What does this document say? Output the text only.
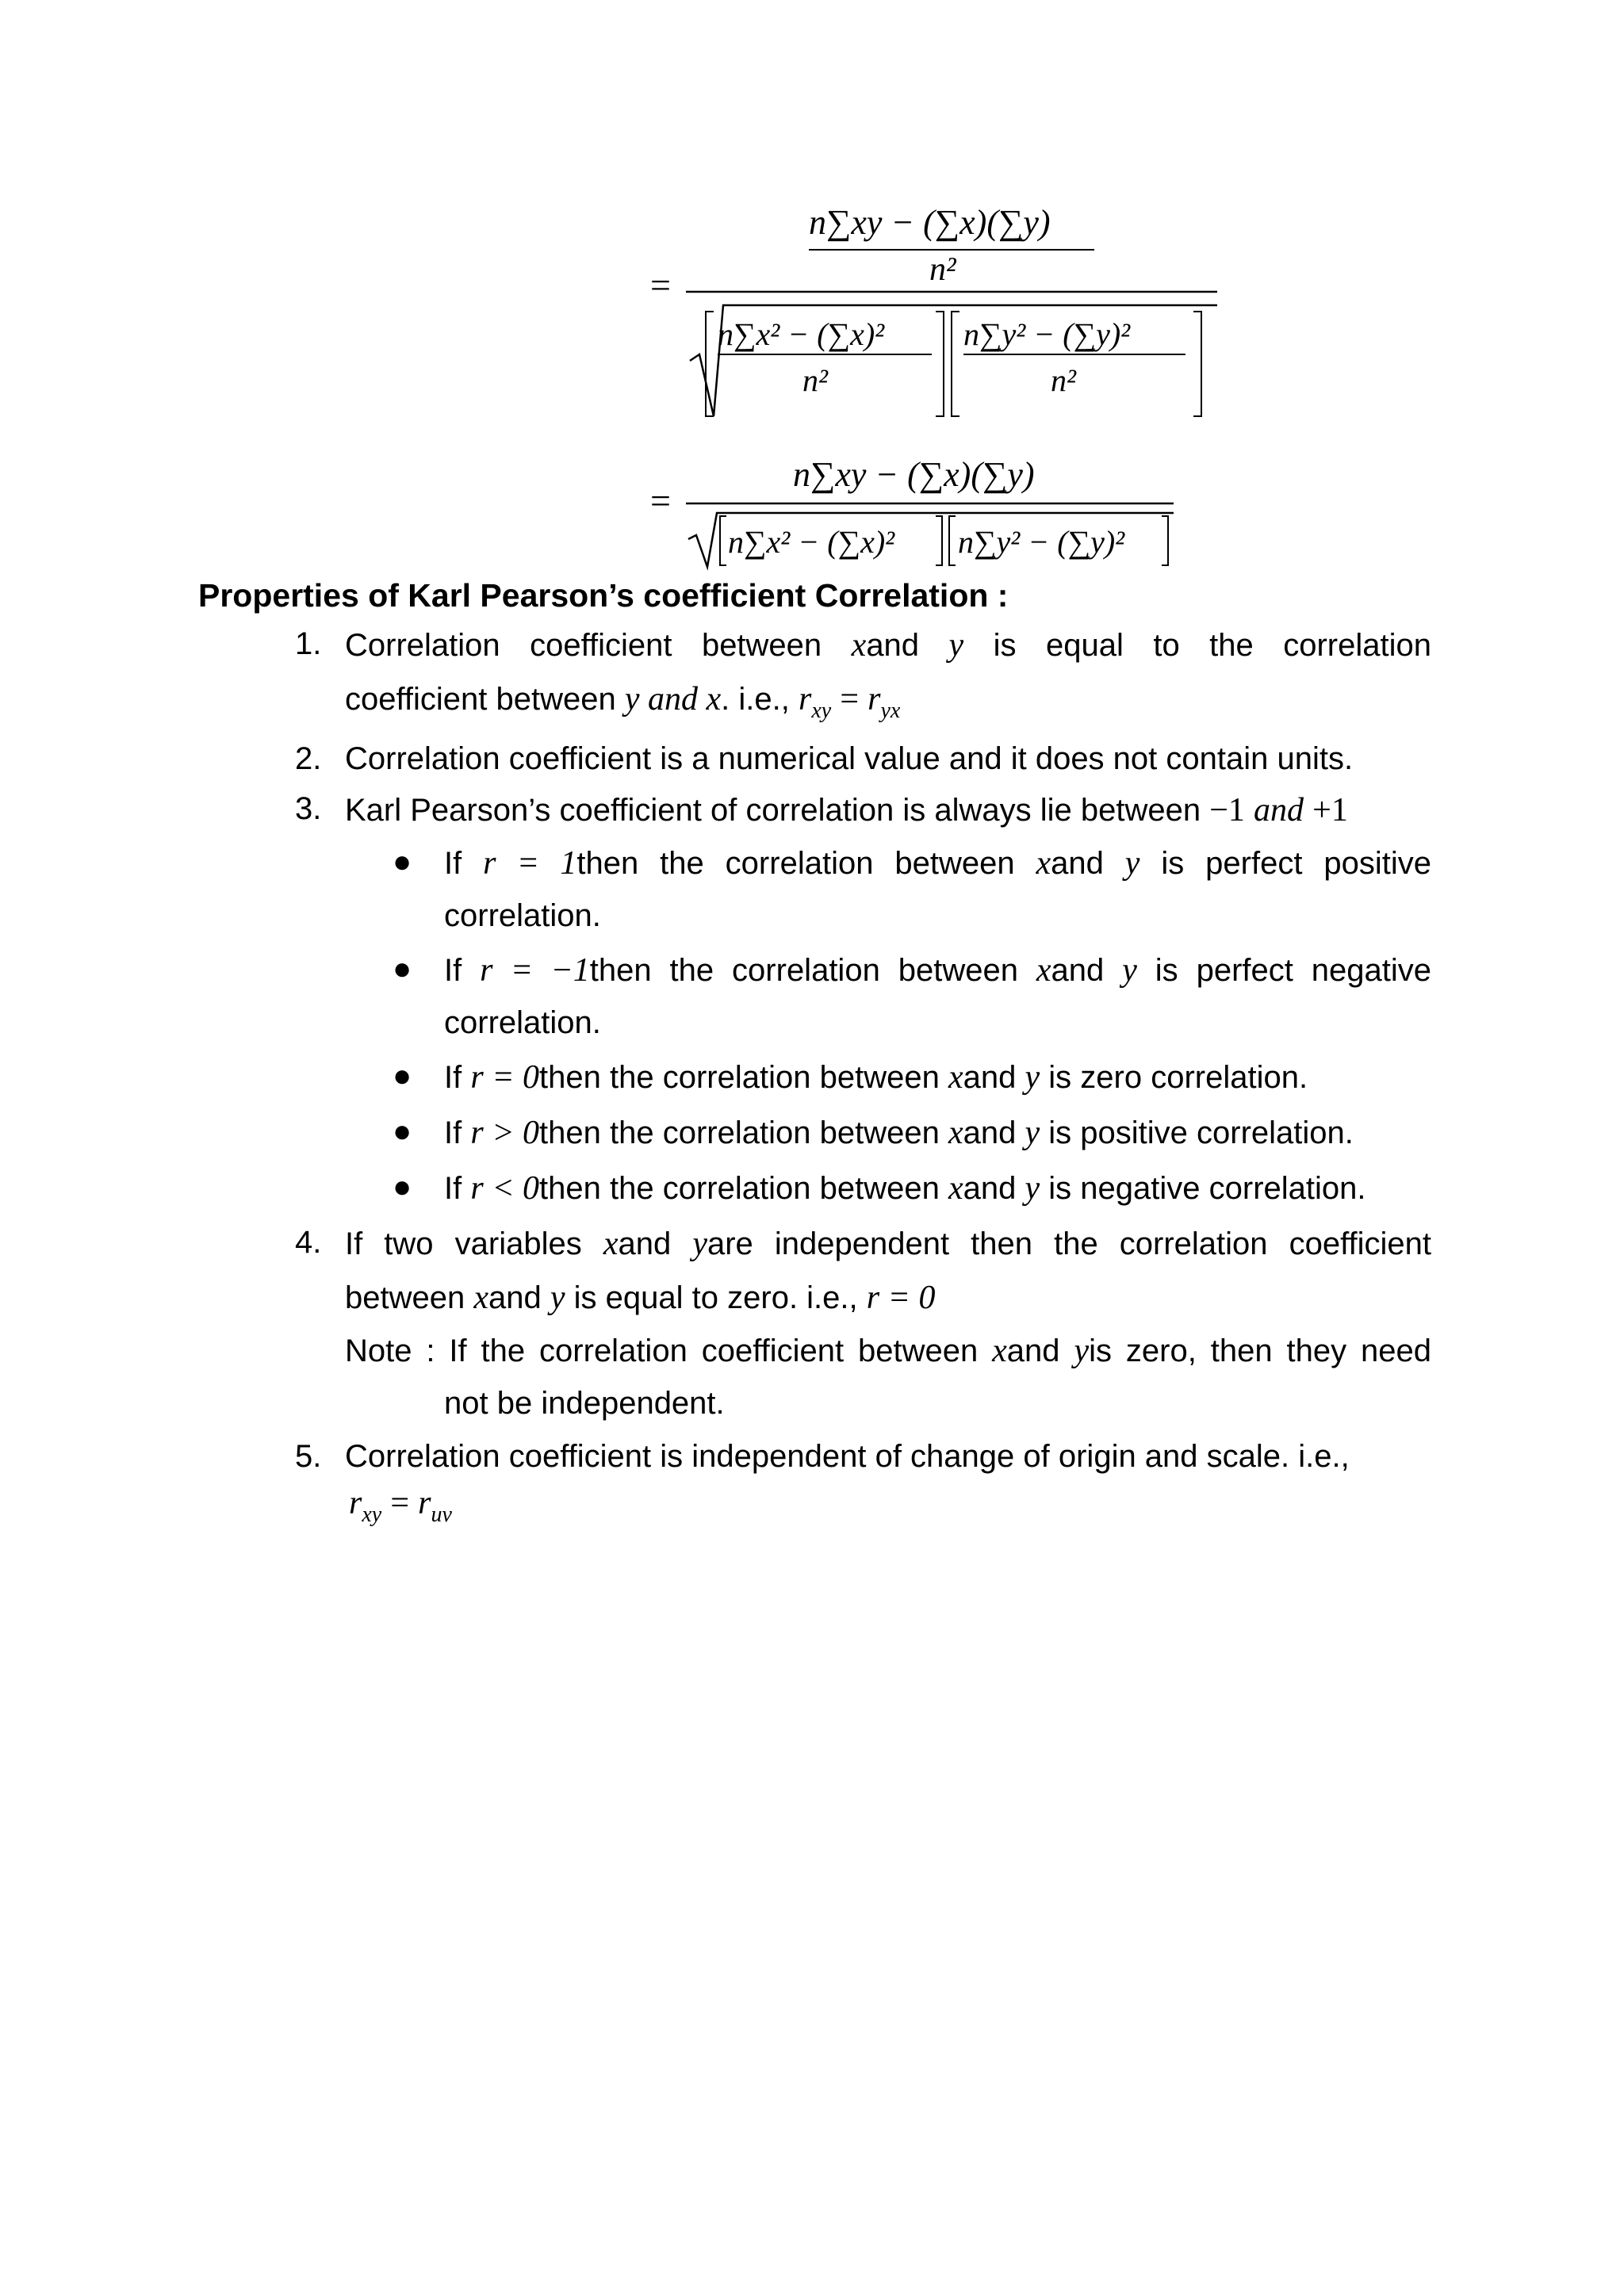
=
n∑xy − (∑x)(∑y)
n²
n∑x² − (∑x)²
n²
n∑y² − (∑y)²
n²
=
n∑xy − (∑x)(∑y)
n∑x² − (∑x)² n∑y² − (∑y)²
Properties of Karl Pearson’s coefficient Correlation :
1. Correlation coefficient between xand y is equal to the correlation
coefficient between y and x. i.e., $r_{xy} = r_{yx}$
2. Correlation coefficient is a numerical value and it does not contain units.
3. Karl Pearson’s coefficient of correlation is always lie between −1 and +1
● If r = 1then the correlation between xand y is perfect positive
correlation.
● If r = −1then the correlation between xand y is perfect negative
correlation.
● If r = 0then the correlation between xand y is zero correlation.
● If r > 0then the correlation between xand y is positive correlation.
● If r < 0then the correlation between xand y is negative correlation.
4. If two variables xand yare independent then the correlation coefficient
between xand y is equal to zero. i.e., r = 0
Note : If the correlation coefficient between xand yis zero, then they need
not be independent.
5. Correlation coefficient is independent of change of origin and scale. i.e.,
$r_{xy} = r_{uv}$
